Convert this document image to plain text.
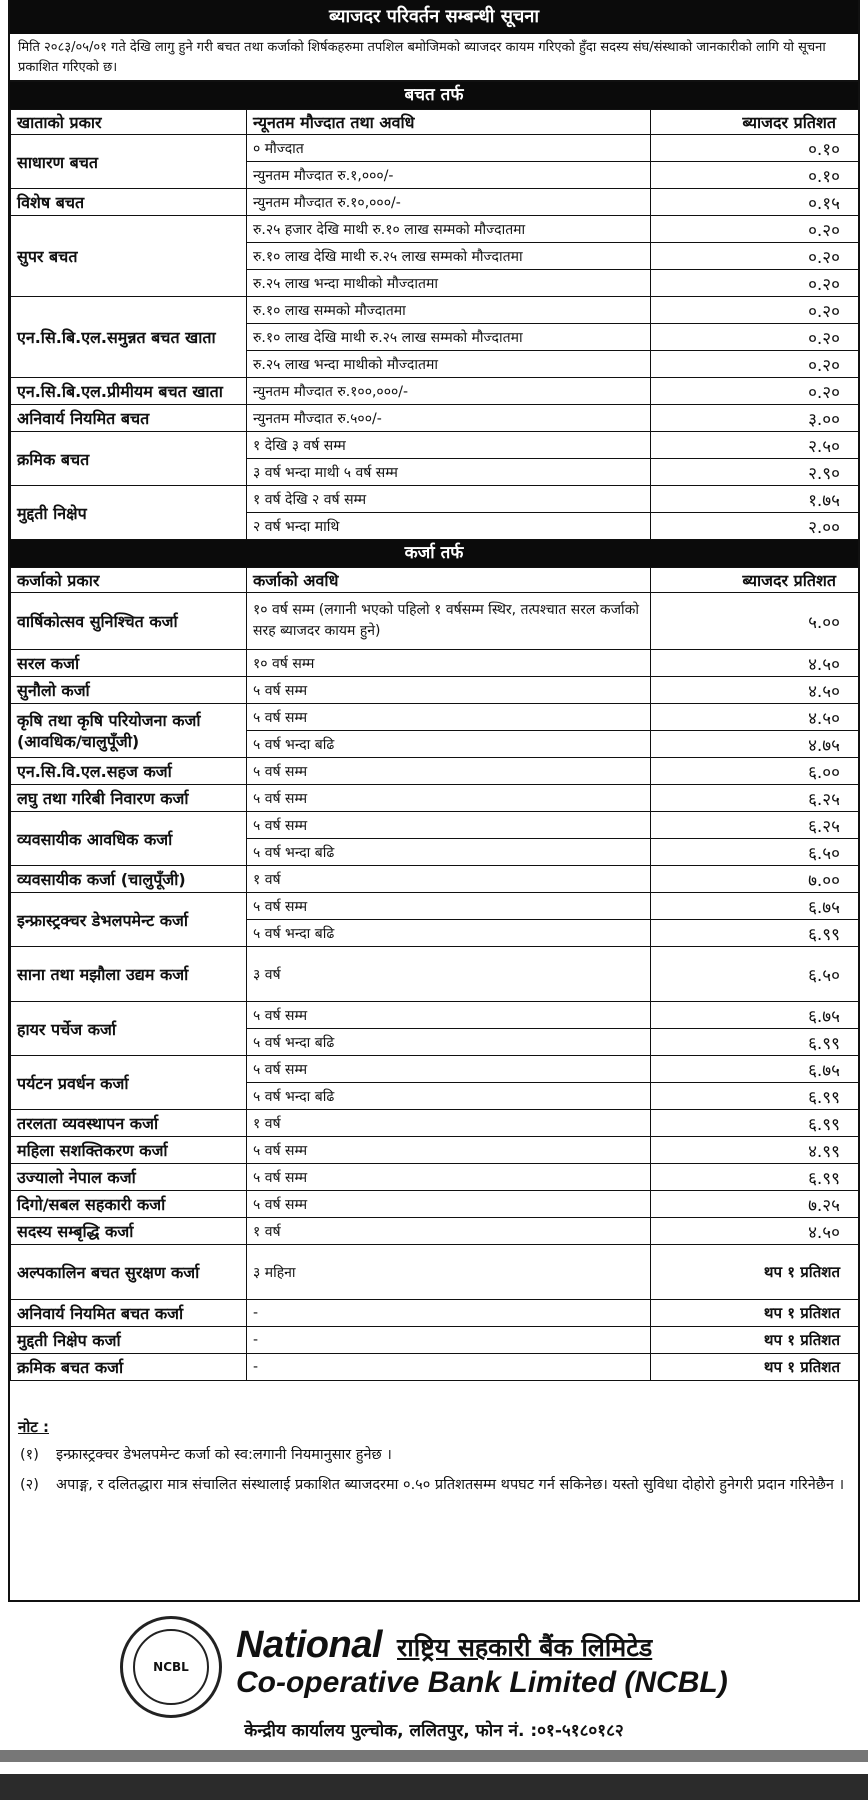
ब्याजदर परिवर्तन सम्बन्धी सूचना
मिति २०८३/०५/०१ गते देखि लागु हुने गरी बचत तथा कर्जाको शिर्षकहरुमा तपशिल बमोजिमको ब्याजदर कायम गरिएको हुँदा सदस्य संघ/संस्थाको जानकारीको लागि यो सूचना प्रकाशित गरिएको छ।
बचत तर्फ
खाताको प्रकार	न्यूनतम मौज्दात तथा अवधि	ब्याजदर प्रतिशत
साधारण बचत	० मौज्दात	०.१०
	न्युनतम मौज्दात रु.१,०००/-	०.१०
विशेष बचत	न्युनतम मौज्दात रु.१०,०००/-	०.१५
सुपर बचत	रु.२५ हजार देखि माथी रु.१० लाख सम्मको मौज्दातमा	०.२०
	रु.१० लाख देखि माथी रु.२५ लाख सम्मको मौज्दातमा	०.२०
	रु.२५ लाख भन्दा माथीको मौज्दातमा	०.२०
एन.सि.बि.एल.समुन्नत बचत खाता	रु.१० लाख सम्मको मौज्दातमा	०.२०
	रु.१० लाख देखि माथी रु.२५ लाख सम्मको मौज्दातमा	०.२०
	रु.२५ लाख भन्दा माथीको मौज्दातमा	०.२०
एन.सि.बि.एल.प्रीमीयम बचत खाता	न्युनतम मौज्दात रु.१००,०००/-	०.२०
अनिवार्य नियमित बचत	न्युनतम मौज्दात रु.५००/-	३.००
क्रमिक बचत	१ देखि ३ वर्ष सम्म	२.५०
	३ वर्ष भन्दा माथी ५ वर्ष सम्म	२.९०
मुद्दती निक्षेप	१ वर्ष देखि २ वर्ष सम्म	१.७५
	२ वर्ष भन्दा माथि	२.००
कर्जा तर्फ
कर्जाको प्रकार	कर्जाको अवधि	ब्याजदर प्रतिशत
वार्षिकोत्सव सुनिश्चित कर्जा	१० वर्ष सम्म (लगानी भएको पहिलो १ वर्षसम्म स्थिर, तत्पश्चात सरल कर्जाको सरह ब्याजदर कायम हुने)	५.००
सरल कर्जा	१० वर्ष सम्म	४.५०
सुनौलो कर्जा	५ वर्ष सम्म	४.५०
कृषि तथा कृषि परियोजना कर्जा (आवधिक/चालुपूँजी)	५ वर्ष सम्म	४.५०
	५ वर्ष भन्दा बढि	४.७५
एन.सि.वि.एल.सहज कर्जा	५ वर्ष सम्म	६.००
लघु तथा गरिबी निवारण कर्जा	५ वर्ष सम्म	६.२५
व्यवसायीक आवधिक कर्जा	५ वर्ष सम्म	६.२५
	५ वर्ष भन्दा बढि	६.५०
व्यवसायीक कर्जा (चालुपूँजी)	१ वर्ष	७.००
इन्फ्रास्ट्रक्चर डेभलपमेन्ट कर्जा	५ वर्ष सम्म	६.७५
	५ वर्ष भन्दा बढि	६.९९
साना तथा मझौला उद्यम कर्जा	३ वर्ष	६.५०
हायर पर्चेज कर्जा	५ वर्ष सम्म	६.७५
	५ वर्ष भन्दा बढि	६.९९
पर्यटन प्रवर्धन कर्जा	५ वर्ष सम्म	६.७५
	५ वर्ष भन्दा बढि	६.९९
तरलता व्यवस्थापन कर्जा	१ वर्ष	६.९९
महिला सशक्तिकरण कर्जा	५ वर्ष सम्म	४.९९
उज्यालो नेपाल कर्जा	५ वर्ष सम्म	६.९९
दिगो/सबल सहकारी कर्जा	५ वर्ष सम्म	७.२५
सदस्य सम्बृद्धि कर्जा	१ वर्ष	४.५०
अल्पकालिन बचत सुरक्षण कर्जा	३ महिना	थप १ प्रतिशत
अनिवार्य नियमित बचत कर्जा	-	थप १ प्रतिशत
मुद्दती निक्षेप कर्जा	-	थप १ प्रतिशत
क्रमिक बचत कर्जा	-	थप १ प्रतिशत
नोट :
(१)	इन्फ्रास्ट्रक्चर डेभलपमेन्ट कर्जा को स्व:लगानी नियमानुसार हुनेछ ।
(२)	अपाङ्ग, र दलितद्धारा मात्र संचालित संस्थालाई प्रकाशित ब्याजदरमा ०.५० प्रतिशतसम्म थपघट गर्न सकिनेछ। यस्तो सुविधा दोहोरो हुनेगरी प्रदान गरिनेछैन ।
NCBL
National राष्ट्रिय सहकारी बैंक लिमिटेड
Co-operative Bank Limited (NCBL)
केन्द्रीय कार्यालय पुल्चोक, ललितपुर, फोन नं. :०१-५१८०१८२
